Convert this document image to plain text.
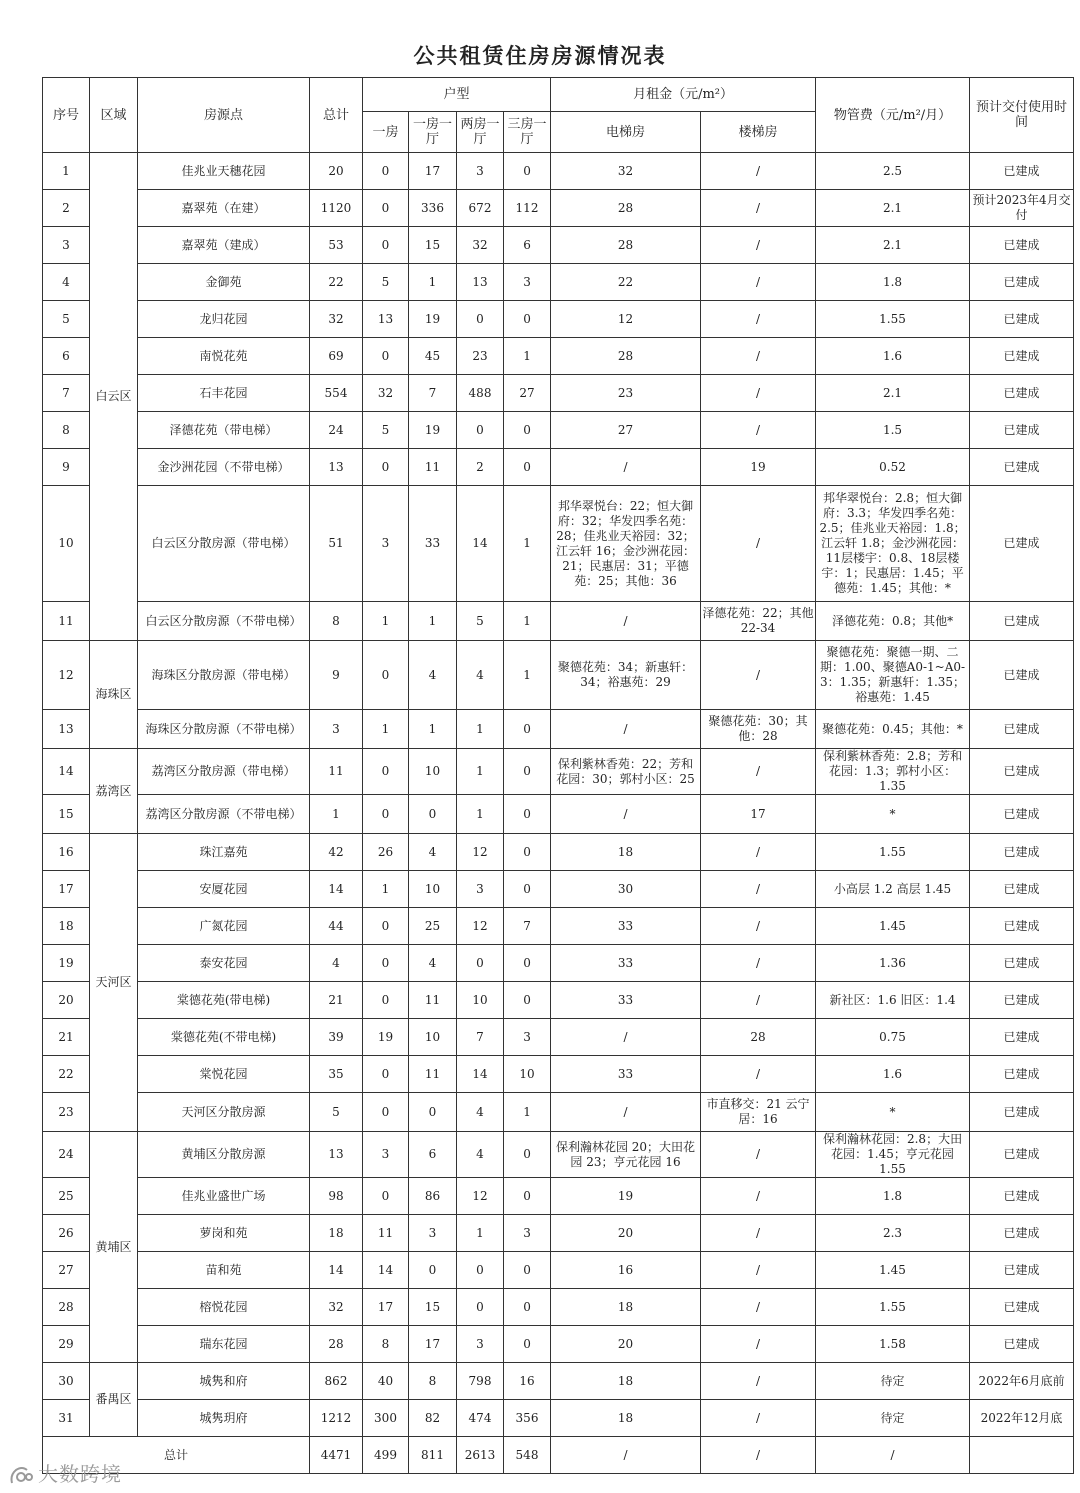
公共租赁住房房源情况表
序号	区域	房源点	总计	户型				月租金（元/m²）		物管费（元/m²/月）	预计交付使用时间
				一房	一房一厅	两房一厅	三房一厅	电梯房	楼梯房		
1	白云区	佳兆业天穗花园	20	0	17	3	0	32	/	2.5	已建成
2		嘉翠苑（在建）	1120	0	336	672	112	28	/	2.1	预计2023年4月交付
3		嘉翠苑（建成）	53	0	15	32	6	28	/	2.1	已建成
4		金御苑	22	5	1	13	3	22	/	1.8	已建成
5		龙归花园	32	13	19	0	0	12	/	1.55	已建成
6		南悦花苑	69	0	45	23	1	28	/	1.6	已建成
7		石丰花园	554	32	7	488	27	23	/	2.1	已建成
8		泽德花苑（带电梯）	24	5	19	0	0	27	/	1.5	已建成
9		金沙洲花园（不带电梯）	13	0	11	2	0	/	19	0.52	已建成
10		白云区分散房源（带电梯）	51	3	33	14	1	邦华翠悦台：22；恒大御府：32；华发四季名苑：28；佳兆业天裕园：32；江云轩 16；金沙洲花园：21；民惠居：31；平德苑：25；其他：36	/	邦华翠悦台：2.8；恒大御府：3.3；华发四季名苑：2.5；佳兆业天裕园：1.8；江云轩 1.8；金沙洲花园：11层楼宇：0.8、18层楼宇：1；民惠居：1.45；平德苑：1.45；其他：*	已建成
11		白云区分散房源（不带电梯）	8	1	1	5	1	/	泽德花苑：22；其他 22-34	泽德花苑：0.8；其他*	已建成
12	海珠区	海珠区分散房源（带电梯）	9	0	4	4	1	聚德花苑：34；新惠轩：34；裕惠苑：29	/	聚德花苑：聚德一期、二期：1.00、聚德A0-1~A0-3：1.35；新惠轩：1.35；裕惠苑：1.45	已建成
13		海珠区分散房源（不带电梯）	3	1	1	1	0	/	聚德花苑：30；其他：28	聚德花苑：0.45；其他：*	已建成
14	荔湾区	荔湾区分散房源（带电梯）	11	0	10	1	0	保利紫林香苑：22；芳和花园：30；郭村小区：25	/	保利紫林香苑：2.8；芳和花园：1.3；郭村小区：1.35	已建成
15		荔湾区分散房源（不带电梯）	1	0	0	1	0	/	17	*	已建成
16	天河区	珠江嘉苑	42	26	4	12	0	18	/	1.55	已建成
17		安厦花园	14	1	10	3	0	30	/	小高层 1.2 高层 1.45	已建成
18		广氮花园	44	0	25	12	7	33	/	1.45	已建成
19		泰安花园	4	0	4	0	0	33	/	1.36	已建成
20		棠德花苑(带电梯)	21	0	11	10	0	33	/	新社区：1.6 旧区：1.4	已建成
21		棠德花苑(不带电梯)	39	19	10	7	3	/	28	0.75	已建成
22		棠悦花园	35	0	11	14	10	33	/	1.6	已建成
23		天河区分散房源	5	0	0	4	1	/	市直移交：21 云宁居：16	*	已建成
24	黄埔区	黄埔区分散房源	13	3	6	4	0	保利瀚林花园 20；大田花园 23；亨元花园 16	/	保利瀚林花园：2.8；大田花园：1.45；亨元花园 1.55	已建成
25		佳兆业盛世广场	98	0	86	12	0	19	/	1.8	已建成
26		萝岗和苑	18	11	3	1	3	20	/	2.3	已建成
27		苗和苑	14	14	0	0	0	16	/	1.45	已建成
28		榕悦花园	32	17	15	0	0	18	/	1.55	已建成
29		瑞东花园	28	8	17	3	0	20	/	1.58	已建成
30	番禺区	城隽和府	862	40	8	798	16	18	/	待定	2022年6月底前
31		城隽玥府	1212	300	82	474	356	18	/	待定	2022年12月底
总计			4471	499	811	2613	548	/	/	/	
大数跨境
